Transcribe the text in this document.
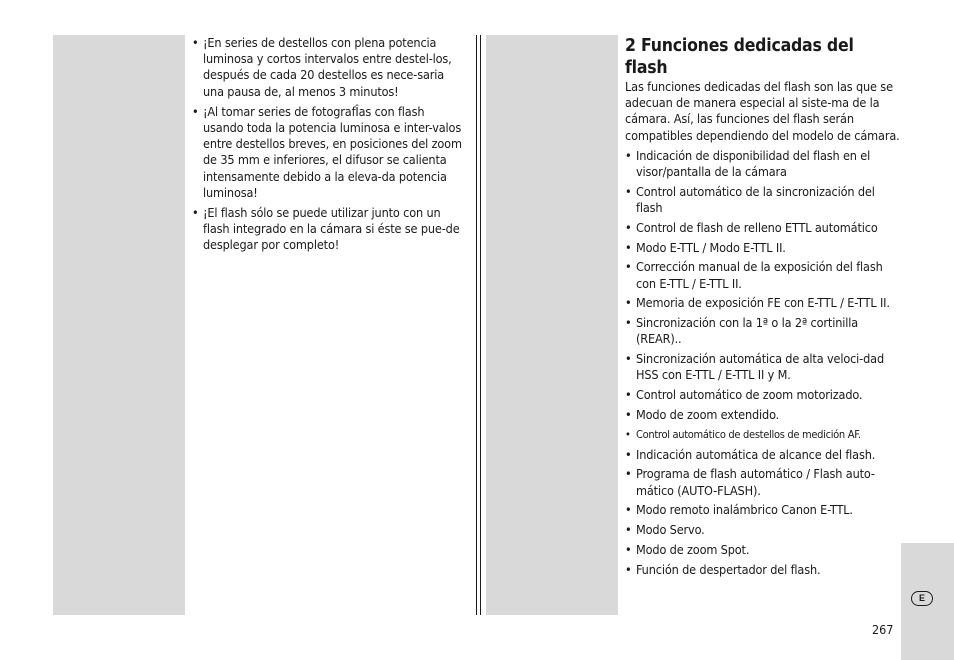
• ¡En series de destellos con plena potencia luminosa y cortos intervalos entre destel-los, después de cada 20 destellos es nece-saria una pausa de, al menos 3 minutos!
• ¡Al tomar series de fotografÎas con flash usando toda la potencia luminosa e inter-valos entre destellos breves, en posiciones del zoom de 35 mm e inferiores, el difusor se calienta intensamente debido a la eleva-da potencia luminosa!
• ¡El flash sólo se puede utilizar junto con un flash integrado en la cámara si éste se pue-de desplegar por completo!
2 Funciones dedicadas del flash

Las funciones dedicadas del flash son las que se adecuan de manera especial al siste-ma de la cámara. Así, las funciones del flash serán compatibles dependiendo del modelo de cámara.

• Indicación de disponibilidad del flash en el visor/pantalla de la cámara
• Control automático de la sincronización del flash
• Control de flash de relleno ETTL automático
• Modo E-TTL / Modo E-TTL II.
• Corrección manual de la exposición del flash con E-TTL / E-TTL II.
• Memoria de exposición FE con E-TTL / E-TTL II.
• Sincronización con la 1ª o la 2ª cortinilla (REAR)..
• Sincronización automática de alta veloci-dad HSS con E-TTL / E-TTL II y M.
• Control automático de zoom motorizado.
• Modo de zoom extendido.
• Control automático de destellos de medición AF.
• Indicación automática de alcance del flash.
• Programa de flash automático / Flash auto-mático (AUTO-FLASH).
• Modo remoto inalámbrico Canon E-TTL.
• Modo Servo.
• Modo de zoom Spot.
• Función de despertador del flash.
E
267
